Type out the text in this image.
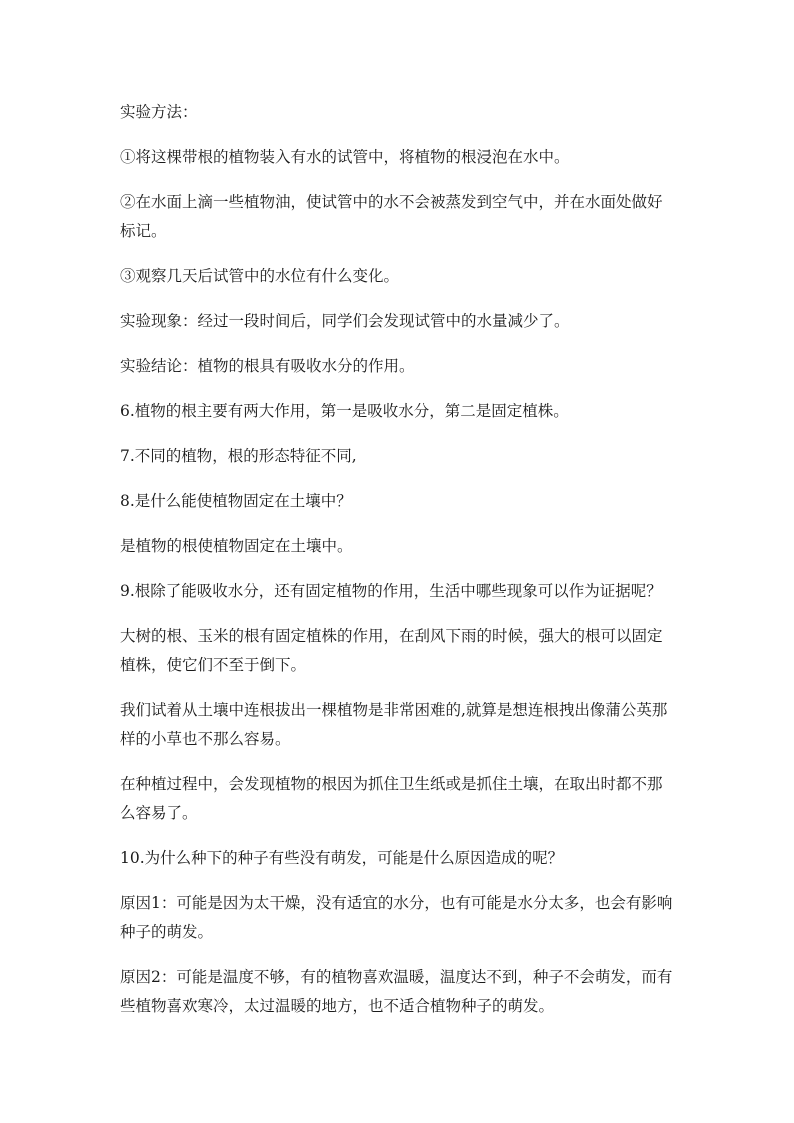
实验方法：

①将这棵带根的植物装入有水的试管中，将植物的根浸泡在水中。

②在水面上滴一些植物油，使试管中的水不会被蒸发到空气中，并在水面处做好标记。

③观察几天后试管中的水位有什么变化。

实验现象：经过一段时间后，同学们会发现试管中的水量减少了。

实验结论：植物的根具有吸收水分的作用。

6.植物的根主要有两大作用，第一是吸收水分，第二是固定植株。

7.不同的植物，根的形态特征不同,

8.是什么能使植物固定在土壤中？

是植物的根使植物固定在土壤中。

9.根除了能吸收水分，还有固定植物的作用，生活中哪些现象可以作为证据呢？

大树的根、玉米的根有固定植株的作用，在刮风下雨的时候，强大的根可以固定植株，使它们不至于倒下。

我们试着从土壤中连根拔出一棵植物是非常困难的,就算是想连根拽出像蒲公英那样的小草也不那么容易。

在种植过程中，会发现植物的根因为抓住卫生纸或是抓住土壤，在取出时都不那么容易了。

10.为什么种下的种子有些没有萌发，可能是什么原因造成的呢？

原因1：可能是因为太干燥，没有适宜的水分，也有可能是水分太多，也会有影响种子的萌发。

原因2：可能是温度不够，有的植物喜欢温暖，温度达不到，种子不会萌发，而有些植物喜欢寒冷，太过温暖的地方，也不适合植物种子的萌发。
